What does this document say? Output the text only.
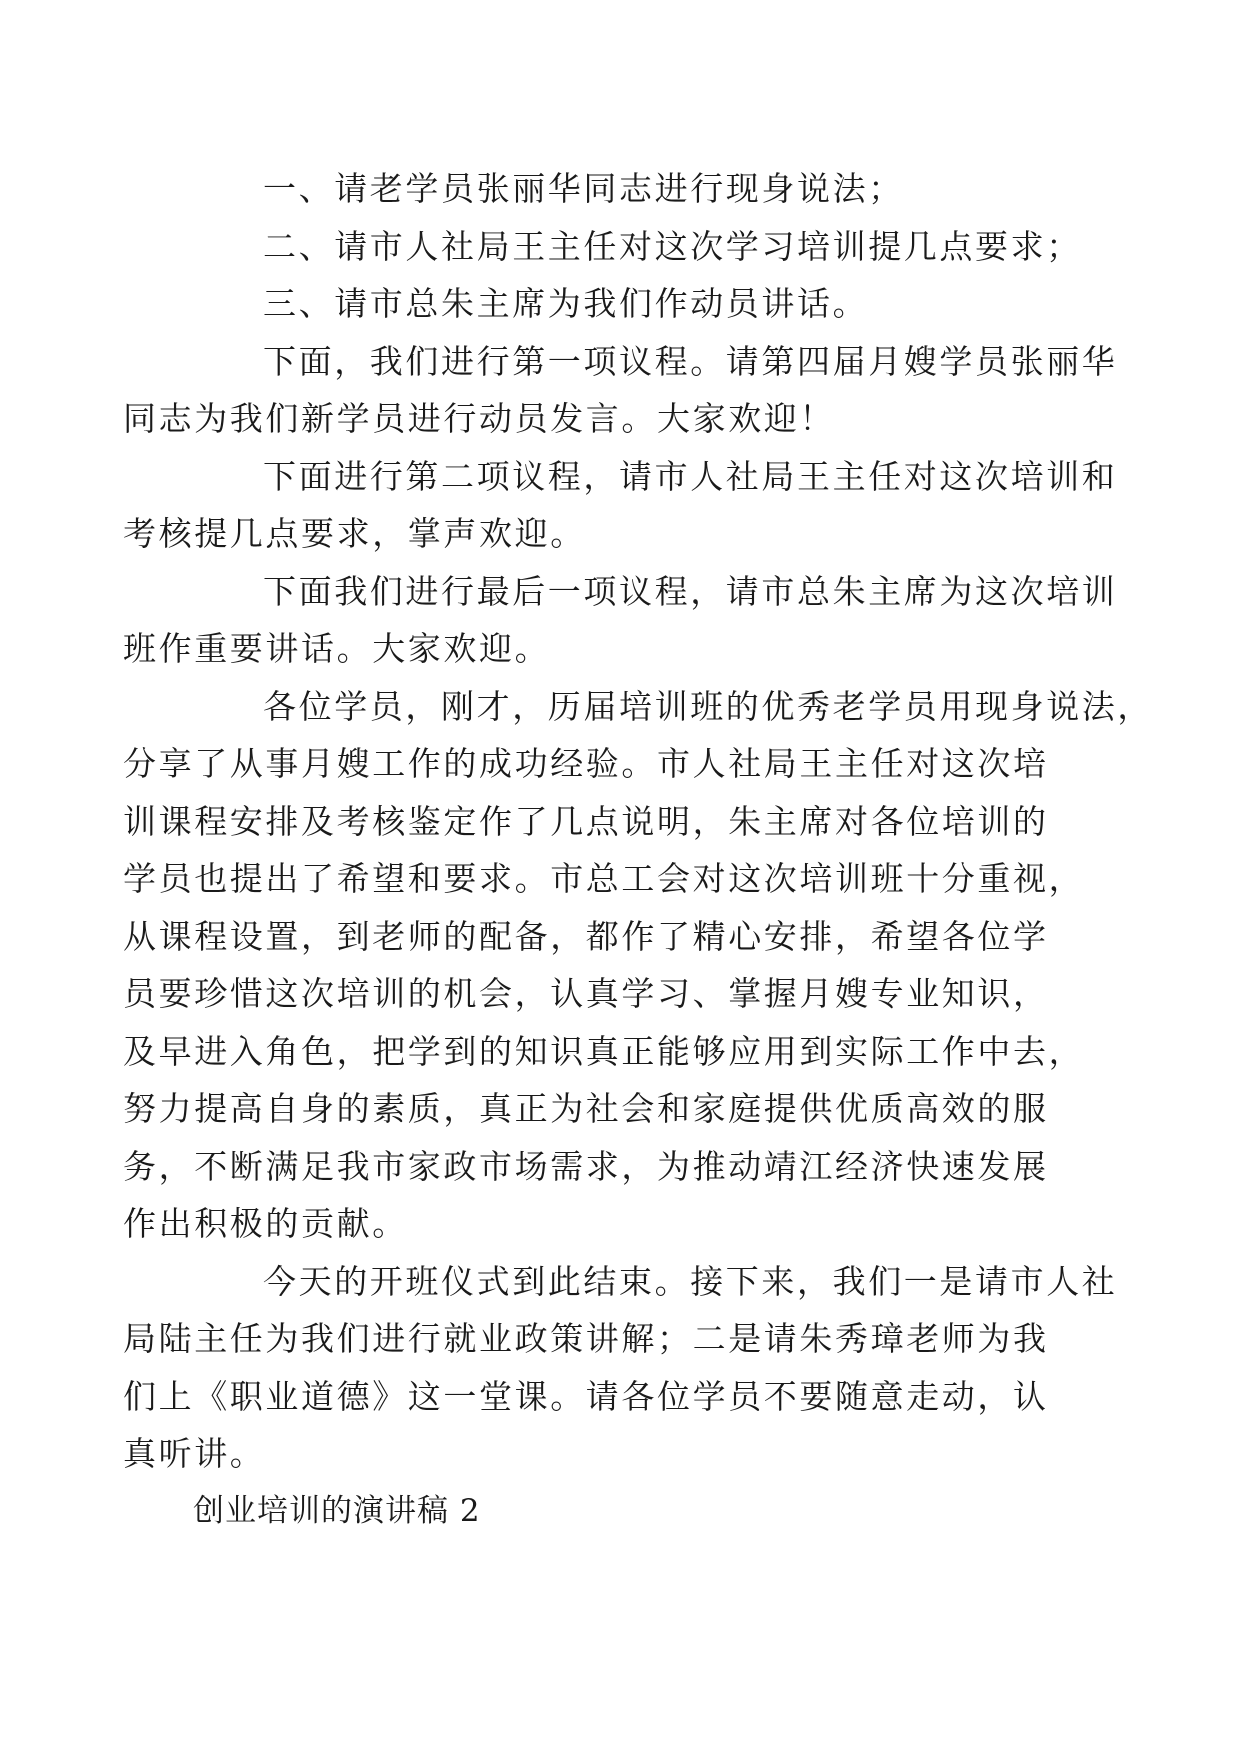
一、请老学员张丽华同志进行现身说法；

二、请市人社局王主任对这次学习培训提几点要求；

三、请市总朱主席为我们作动员讲话。

下面，我们进行第一项议程。请第四届月嫂学员张丽华
同志为我们新学员进行动员发言。大家欢迎！

下面进行第二项议程，请市人社局王主任对这次培训和
考核提几点要求，掌声欢迎。

下面我们进行最后一项议程，请市总朱主席为这次培训
班作重要讲话。大家欢迎。

各位学员，刚才，历届培训班的优秀老学员用现身说法，
分享了从事月嫂工作的成功经验。市人社局王主任对这次培
训课程安排及考核鉴定作了几点说明，朱主席对各位培训的
学员也提出了希望和要求。市总工会对这次培训班十分重视，
从课程设置，到老师的配备，都作了精心安排，希望各位学
员要珍惜这次培训的机会，认真学习、掌握月嫂专业知识，
及早进入角色，把学到的知识真正能够应用到实际工作中去，
努力提高自身的素质，真正为社会和家庭提供优质高效的服
务，不断满足我市家政市场需求，为推动靖江经济快速发展
作出积极的贡献。

今天的开班仪式到此结束。接下来，我们一是请市人社
局陆主任为我们进行就业政策讲解；二是请朱秀璋老师为我
们上《职业道德》这一堂课。请各位学员不要随意走动，认
真听讲。

创业培训的演讲稿 2
